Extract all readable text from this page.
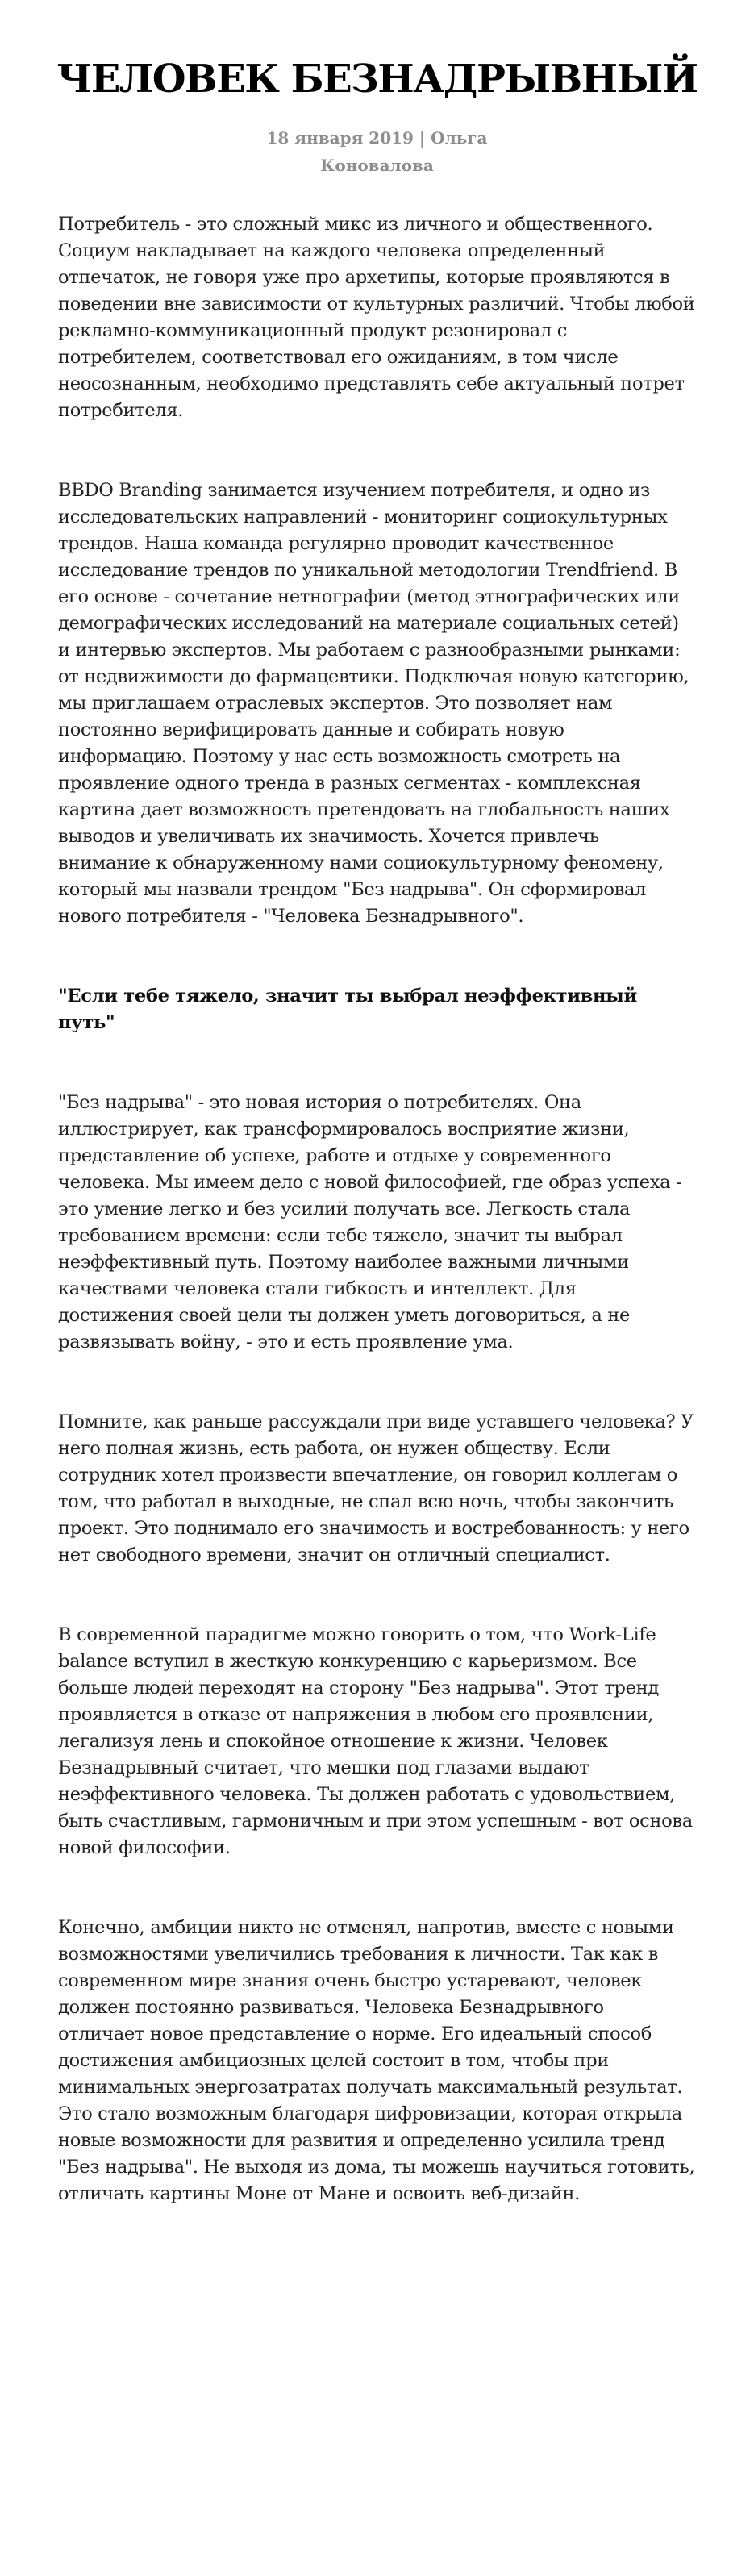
ЧЕЛОВЕК БЕЗНАДРЫВНЫЙ
18 января 2019 | Ольга Коновалова

Потребитель - это сложный микс из личного и общественного. Социум накладывает на каждого человека определенный отпечаток, не говоря уже про архетипы, которые проявляются в поведении вне зависимости от культурных различий. Чтобы любой рекламно-коммуникационный продукт резонировал с потребителем, соответствовал его ожиданиям, в том числе неосознанным, необходимо представлять себе актуальный потрет потребителя.

BBDO Branding занимается изучением потребителя, и одно из исследовательских направлений - мониторинг социокультурных трендов. Наша команда регулярно проводит качественное исследование трендов по уникальной методологии Trendfriend. В его основе - сочетание нетнографии (метод этнографических или демографических исследований на материале социальных сетей) и интервью экспертов. Мы работаем с разнообразными рынками: от недвижимости до фармацевтики. Подключая новую категорию, мы приглашаем отраслевых экспертов. Это позволяет нам постоянно верифицировать данные и собирать новую информацию. Поэтому у нас есть возможность смотреть на проявление одного тренда в разных сегментах - комплексная картина дает возможность претендовать на глобальность наших выводов и увеличивать их значимость. Хочется привлечь внимание к обнаруженному нами социокультурному феномену, который мы назвали трендом "Без надрыва". Он сформировал нового потребителя - "Человека Безнадрывного".

"Если тебе тяжело, значит ты выбрал неэффективный путь"

"Без надрыва" - это новая история о потребителях. Она иллюстрирует, как трансформировалось восприятие жизни, представление об успехе, работе и отдыхе у современного человека. Мы имеем дело с новой философией, где образ успеха - это умение легко и без усилий получать все. Легкость стала требованием времени: если тебе тяжело, значит ты выбрал неэффективный путь. Поэтому наиболее важными личными качествами человека стали гибкость и интеллект. Для достижения своей цели ты должен уметь договориться, а не развязывать войну, - это и есть проявление ума.

Помните, как раньше рассуждали при виде уставшего человека? У него полная жизнь, есть работа, он нужен обществу. Если сотрудник хотел произвести впечатление, он говорил коллегам о том, что работал в выходные, не спал всю ночь, чтобы закончить проект. Это поднимало его значимость и востребованность: у него нет свободного времени, значит он отличный специалист.

В современной парадигме можно говорить о том, что Work-Life balance вступил в жесткую конкуренцию с карьеризмом. Все больше людей переходят на сторону "Без надрыва". Этот тренд проявляется в отказе от напряжения в любом его проявлении, легализуя лень и спокойное отношение к жизни. Человек Безнадрывный считает, что мешки под глазами выдают неэффективного человека. Ты должен работать с удовольствием, быть счастливым, гармоничным и при этом успешным - вот основа новой философии.

Конечно, амбиции никто не отменял, напротив, вместе с новыми возможностями увеличились требования к личности. Так как в современном мире знания очень быстро устаревают, человек должен постоянно развиваться. Человека Безнадрывного отличает новое представление о норме. Его идеальный способ достижения амбициозных целей состоит в том, чтобы при минимальных энергозатратах получать максимальный результат. Это стало возможным благодаря цифровизации, которая открыла новые возможности для развития и определенно усилила тренд "Без надрыва". Не выходя из дома, ты можешь научиться готовить, отличать картины Моне от Мане и освоить веб-дизайн.
